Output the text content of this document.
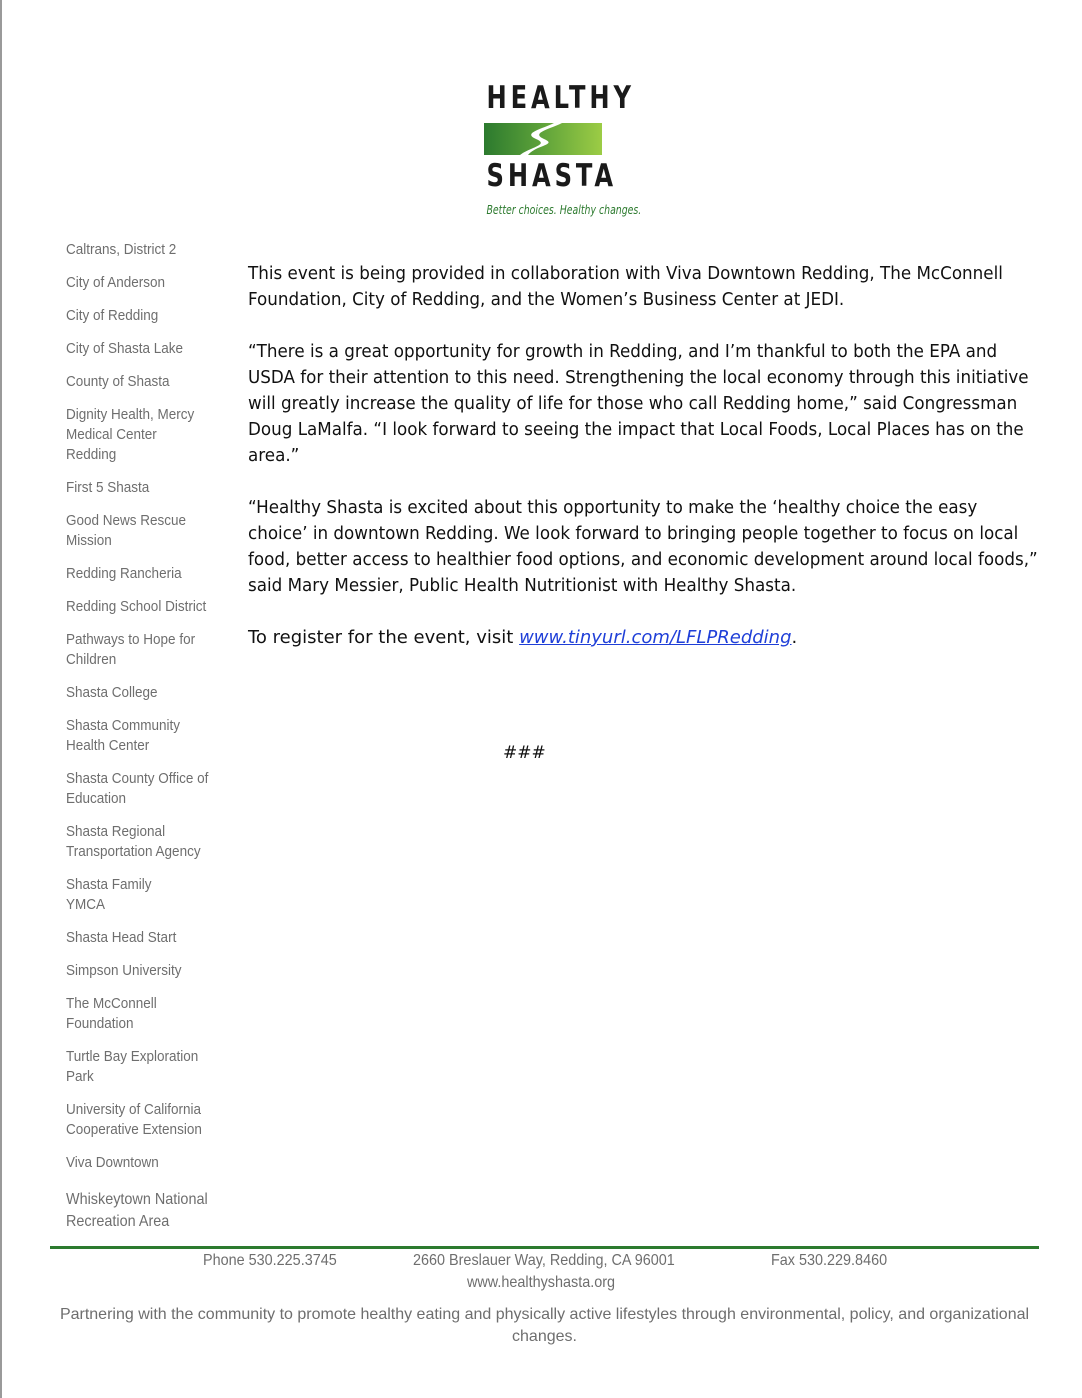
HEALTHY
SHASTA
Better choices. Healthy changes.
Caltrans, District 2
City of Anderson
City of Redding
City of Shasta Lake
County of Shasta
Dignity Health, Mercy Medical Center Redding
First 5 Shasta
Good News Rescue Mission
Redding Rancheria
Redding School District
Pathways to Hope for Children
Shasta College
Shasta Community Health Center
Shasta County Office of Education
Shasta Regional Transportation Agency
Shasta Family YMCA
Shasta Head Start
Simpson University
The McConnell Foundation
Turtle Bay Exploration Park
University of California Cooperative Extension
Viva Downtown
Whiskeytown National Recreation Area

This event is being provided in collaboration with Viva Downtown Redding, The McConnell Foundation, City of Redding, and the Women’s Business Center at JEDI.

“There is a great opportunity for growth in Redding, and I’m thankful to both the EPA and USDA for their attention to this need. Strengthening the local economy through this initiative will greatly increase the quality of life for those who call Redding home,” said Congressman Doug LaMalfa. “I look forward to seeing the impact that Local Foods, Local Places has on the area.”

“Healthy Shasta is excited about this opportunity to make the ‘healthy choice the easy choice’ in downtown Redding. We look forward to bringing people together to focus on local food, better access to healthier food options, and economic development around local foods,” said Mary Messier, Public Health Nutritionist with Healthy Shasta.

To register for the event, visit www.tinyurl.com/LFLPRedding.

###
Phone 530.225.3745	2660 Breslauer Way, Redding, CA 96001	Fax 530.229.8460
www.healthyshasta.org
Partnering with the community to promote healthy eating and physically active lifestyles through environmental, policy, and organizational changes.
